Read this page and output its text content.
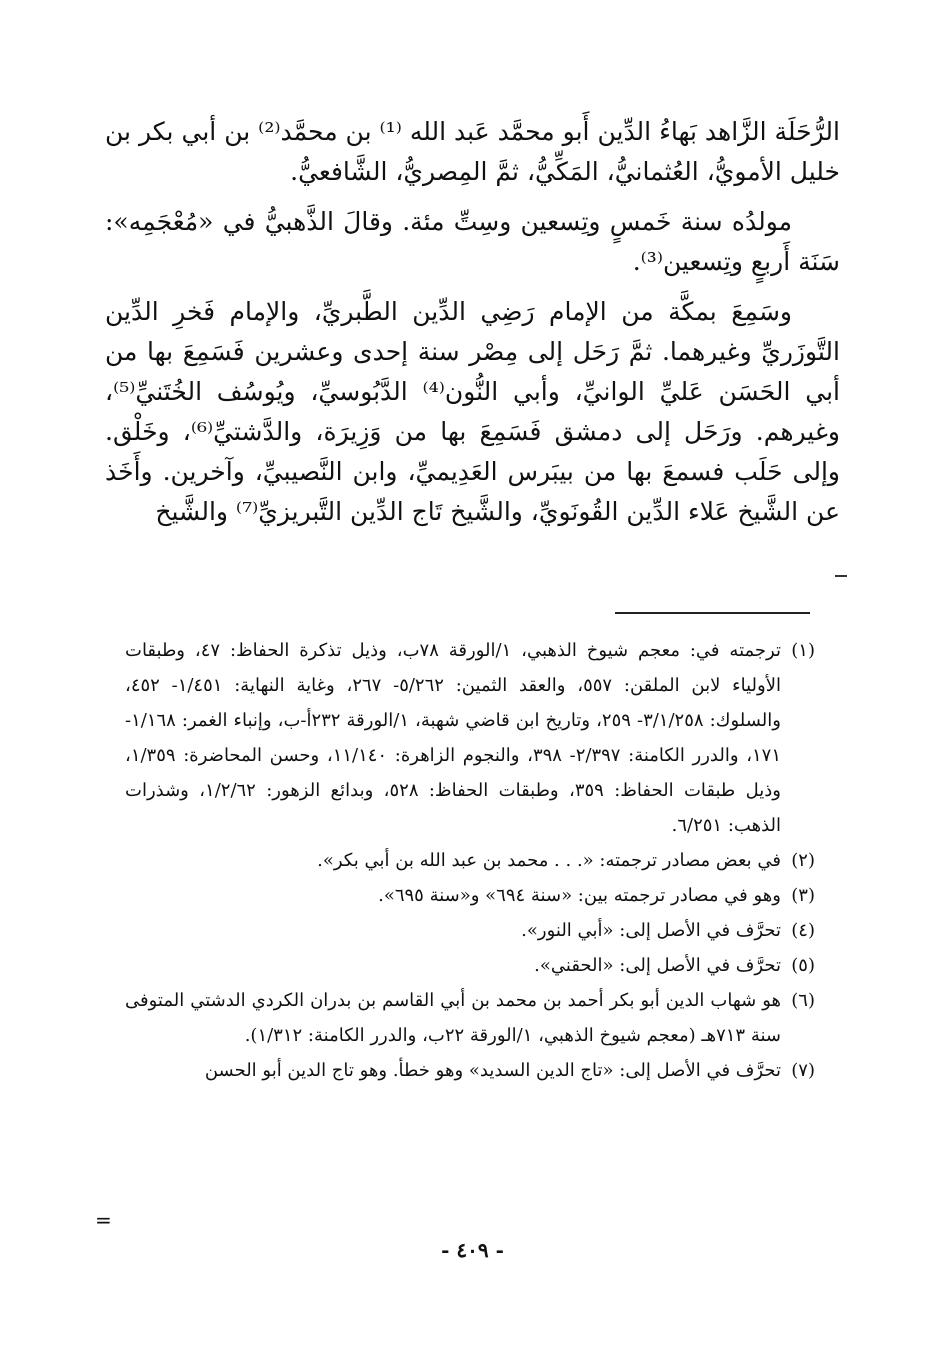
الرُّحَلَة الزَّاهد بَهاءُ الدِّين أَبو محمَّد عَبد الله ⁽¹⁾ بن محمَّد⁽²⁾ بن أبي بكر بن خليل الأمويُّ، العُثمانيُّ، المَكِّيُّ، ثمَّ المِصريُّ، الشَّافعيُّ.

مولدُه سنة خَمسٍ وتِسعين وسِتِّ مئة. وقالَ الذَّهبيُّ في «مُعْجَمِه»: سَنَة أَربعٍ وتِسعين⁽³⁾.

وسَمِعَ بمكَّة من الإمام رَضِي الدِّين الطَّبريِّ، والإمام فَخرِ الدِّين التَّوزَريِّ وغيرهما. ثمَّ رَحَل إلى مِصْر سنة إحدى وعشرين فَسَمِعَ بها من أبي الحَسَن عَليِّ الوانيِّ، وأبي النُّون⁽⁴⁾ الدَّبُوسيِّ، ويُوسُف الخُتَنيِّ⁽⁵⁾، وغيرهم. ورَحَل إلى دمشق فَسَمِعَ بها من وَزِيرَة، والدَّشتيِّ⁽⁶⁾، وخَلْق. وإلى حَلَب فسمعَ بها من بيبَرس العَدِيميِّ، وابن النَّصيبيِّ، وآخرين. وأَخَذ عن الشَّيخ عَلاء الدِّين القُونَويِّ، والشَّيخ تَاج الدِّين التَّبريزيِّ⁽⁷⁾ والشَّيخ

(١)
ترجمته في: معجم شيوخ الذهبي، ١/الورقة ٧٨ب، وذيل تذكرة الحفاظ: ٤٧، وطبقات الأولياء لابن الملقن: ٥٥٧، والعقد الثمين: ٥/٢٦٢- ٢٦٧، وغاية النهاية: ١/٤٥١- ٤٥٢، والسلوك: ٣/١/٢٥٨- ٢٥٩، وتاريخ ابن قاضي شهبة، ١/الورقة ٢٣٢أ-ب، وإنباء الغمر: ١/١٦٨- ١٧١، والدرر الكامنة: ٢/٣٩٧- ٣٩٨، والنجوم الزاهرة: ١١/١٤٠، وحسن المحاضرة: ١/٣٥٩، وذيل طبقات الحفاظ: ٣٥٩، وطبقات الحفاظ: ٥٢٨، وبدائع الزهور: ١/٢/٦٢، وشذرات الذهب: ٦/٢٥١.
(٢)
في بعض مصادر ترجمته: «. . . محمد بن عبد الله بن أبي بكر».
(٣)
وهو في مصادر ترجمته بين: «سنة ٦٩٤» و«سنة ٦٩٥».
(٤)
تحرَّف في الأصل إلى: «أبي النور».
(٥)
تحرَّف في الأصل إلى: «الحقني».
(٦)
هو شهاب الدين أبو بكر أحمد بن محمد بن أبي القاسم بن بدران الكردي الدشتي المتوفى سنة ٧١٣هـ (معجم شيوخ الذهبي، ١/الورقة ٢٢ب، والدرر الكامنة: ١/٣١٢).
(٧)
تحرَّف في الأصل إلى: «تاج الدين السديد» وهو خطأ. وهو تاج الدين أبو الحسن
=
- ٤٠٩ -
